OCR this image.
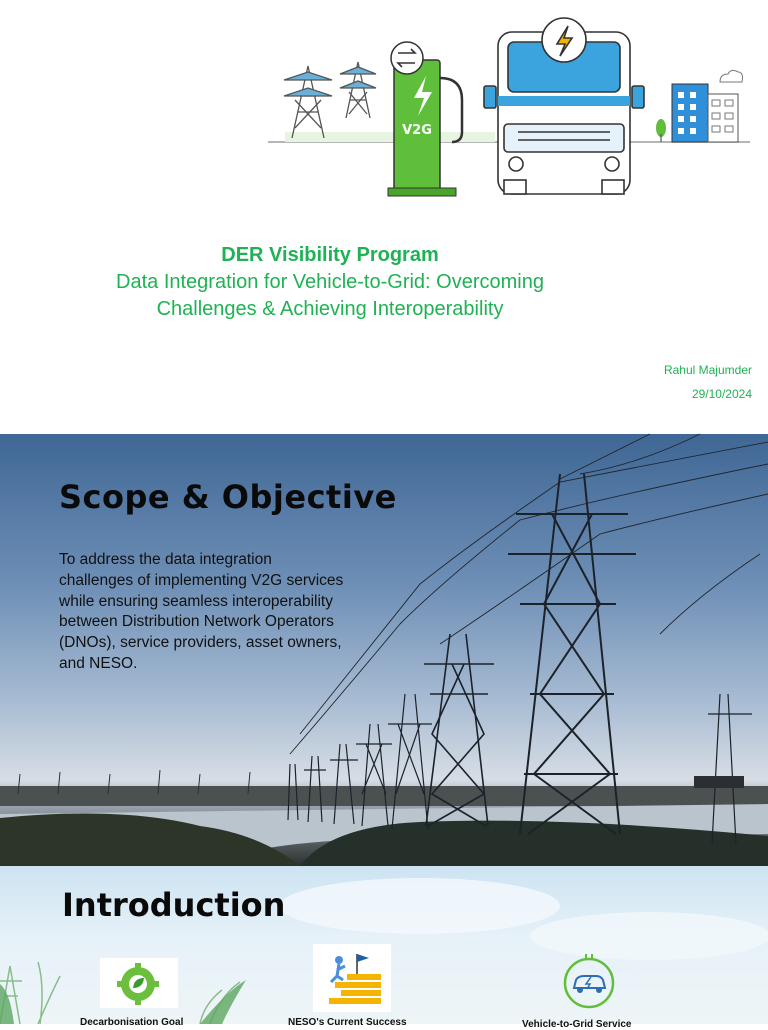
V2G
DER Visibility Program
Data Integration for Vehicle-to-Grid: Overcoming
Challenges & Achieving Interoperability
Rahul Majumder
29/10/2024
Scope & Objective
To address the data integration
challenges of implementing V2G services
while ensuring seamless interoperability
between Distribution Network Operators
(DNOs), service providers, asset owners,
and NESO.
Introduction
Decarbonisation Goal	NESO's Current Success	Vehicle-to-Grid Service
